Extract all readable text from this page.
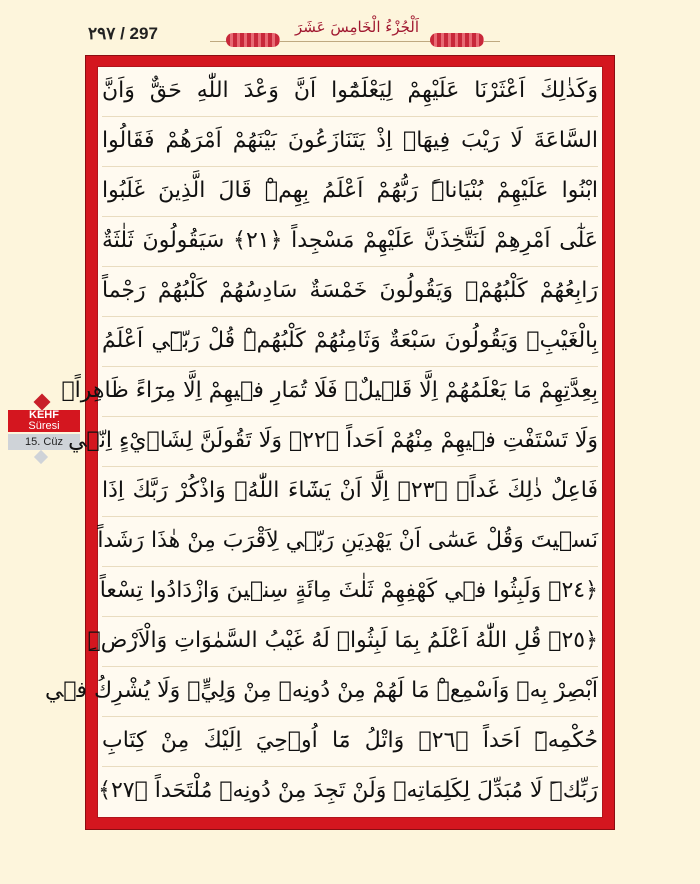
۲۹۷ / 297	اَلْجُزْءُ الْخَامِسَ عَشَرَ
KEHF
Süresi
15. Cüz
وَكَذٰلِكَ اَعْثَرْنَا عَلَيْهِمْ لِيَعْلَمُٓوا اَنَّ وَعْدَ اللّٰهِ حَقٌّ وَاَنَّ
السَّاعَةَ لَا رَيْبَ فِيهَاۚ اِذْ يَتَنَازَعُونَ بَيْنَهُمْ اَمْرَهُمْ فَقَالُوا
ابْنُوا عَلَيْهِمْ بُنْيَاناًۜ رَبُّهُمْ اَعْلَمُ بِهِمْۜ قَالَ الَّذِينَ غَلَبُوا
عَلٰٓى اَمْرِهِمْ لَنَتَّخِذَنَّ عَلَيْهِمْ مَسْجِداً ﴿٢١﴾ سَيَقُولُونَ ثَلٰثَةٌ
رَابِعُهُمْ كَلْبُهُمْۚ وَيَقُولُونَ خَمْسَةٌ سَادِسُهُمْ كَلْبُهُمْ رَجْماً
بِالْغَيْبِۚ وَيَقُولُونَ سَبْعَةٌ وَثَامِنُهُمْ كَلْبُهُمْۜ قُلْ رَبّ۪ٓي اَعْلَمُ
بِعِدَّتِهِمْ مَا يَعْلَمُهُمْ اِلَّا قَل۪يلٌ۠ فَلَا تُمَارِ ف۪يهِمْ اِلَّا مِرَٓاءً ظَاهِراًۖ
وَلَا تَسْتَفْتِ ف۪يهِمْ مِنْهُمْ اَحَداً ﴿٢٢﴾ وَلَا تَقُولَنَّ لِشَا۫يْءٍ اِنّ۪ي
فَاعِلٌ ذٰلِكَ غَداًۙ ﴿٢٣﴾ اِلَّٓا اَنْ يَشَٓاءَ اللّٰهُۘ وَاذْكُرْ رَبَّكَ اِذَا
نَس۪يتَ وَقُلْ عَسٰٓى اَنْ يَهْدِيَنِ رَبّ۪ي لِاَقْرَبَ مِنْ هٰذَا رَشَداً
﴿٢٤﴾ وَلَبِثُوا ف۪ي كَهْفِهِمْ ثَلٰثَ مِائَةٍ سِن۪ينَ وَازْدَادُوا تِسْعاً
﴿٢٥﴾ قُلِ اللّٰهُ اَعْلَمُ بِمَا لَبِثُواۚ لَهُ غَيْبُ السَّمٰوَاتِ وَالْاَرْضِۜ
اَبْصِرْ بِه۪ وَاَسْمِعْۜ مَا لَهُمْ مِنْ دُونِه۪ مِنْ وَلِيٍّۘ وَلَا يُشْرِكُ ف۪ي
حُكْمِه۪ٓ اَحَداً ﴿٢٦﴾ وَاتْلُ مَٓا اُو۫حِيَ اِلَيْكَ مِنْ كِتَابِ
رَبِّكَۜ لَا مُبَدِّلَ لِكَلِمَاتِه۪ وَلَنْ تَجِدَ مِنْ دُونِه۪ مُلْتَحَداً ﴿٢٧﴾
